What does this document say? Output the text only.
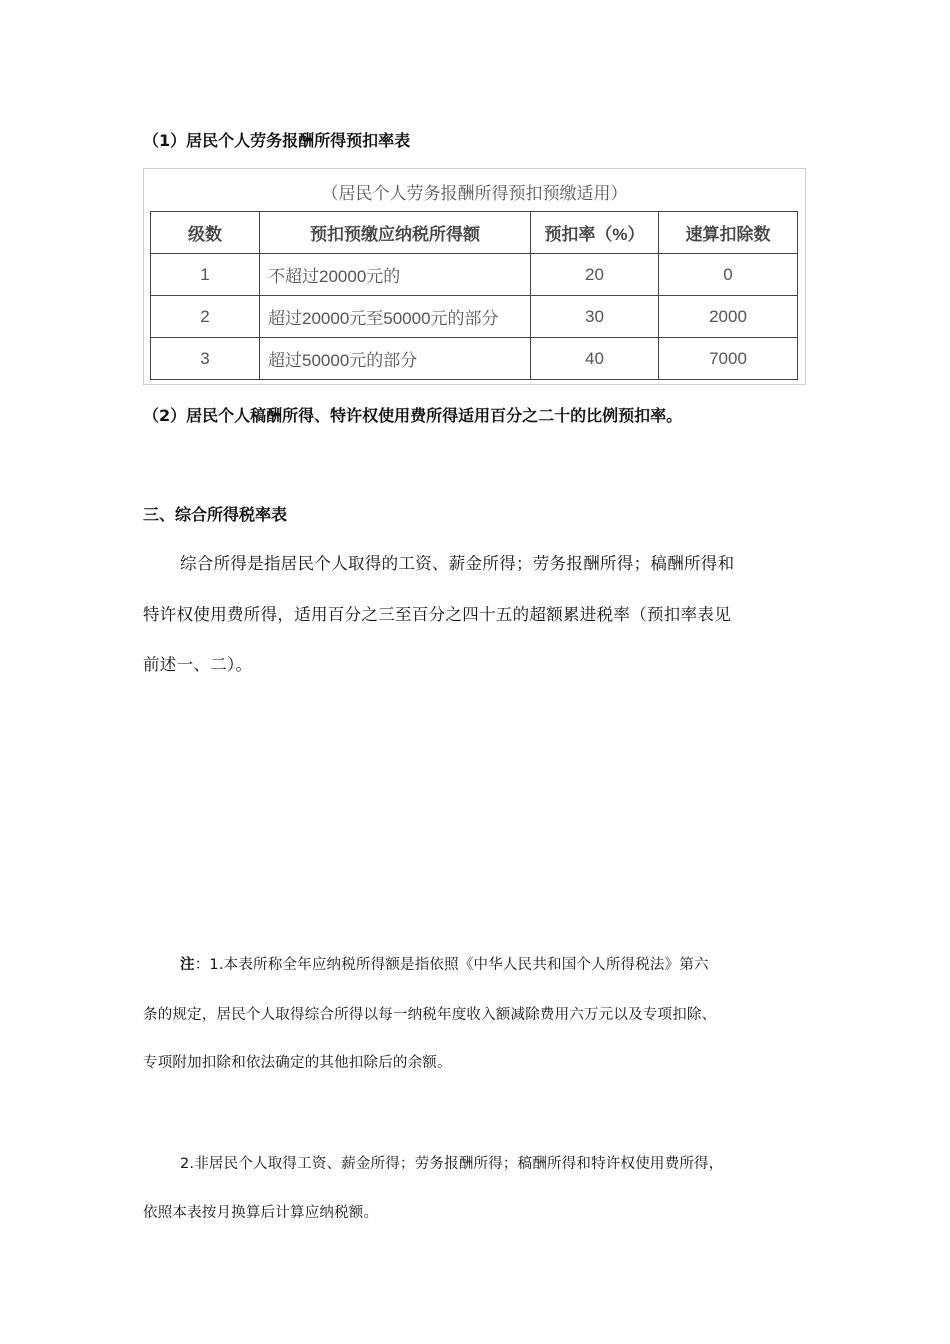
（1）居民个人劳务报酬所得预扣率表
（居民个人劳务报酬所得预扣预缴适用）
级数	预扣预缴应纳税所得额	预扣率（%）	速算扣除数
1	不超过20000元的	20	0
2	超过20000元至50000元的部分	30	2000
3	超过50000元的部分	40	7000
（2）居民个人稿酬所得、特许权使用费所得适用百分之二十的比例预扣率。
三、综合所得税率表
综合所得是指居民个人取得的工资、薪金所得；劳务报酬所得；稿酬所得和
特许权使用费所得，适用百分之三至百分之四十五的超额累进税率（预扣率表见
前述一、二）。
注：1.本表所称全年应纳税所得额是指依照《中华人民共和国个人所得税法》第六
条的规定，居民个人取得综合所得以每一纳税年度收入额减除费用六万元以及专项扣除、
专项附加扣除和依法确定的其他扣除后的余额。
2.非居民个人取得工资、薪金所得；劳务报酬所得；稿酬所得和特许权使用费所得，
依照本表按月换算后计算应纳税额。
